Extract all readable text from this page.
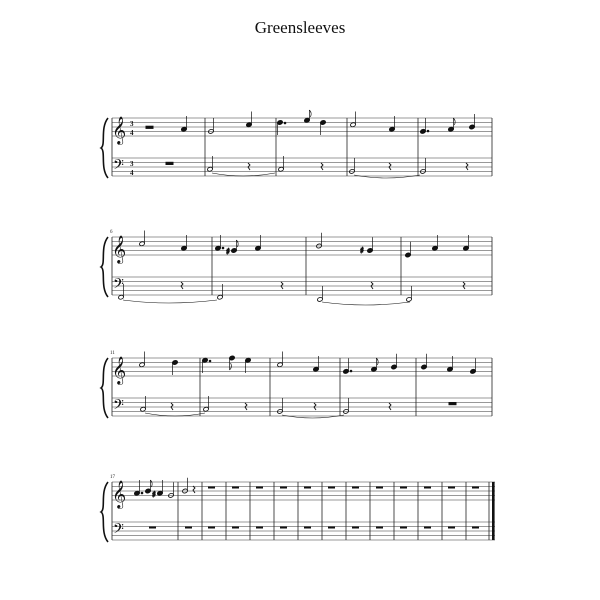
Greensleeves
𝄞
𝄢
3
4
3
4
6
𝄞
𝄢
♯	♯
11
𝄞
𝄢
17
𝄞
𝄢
♯
